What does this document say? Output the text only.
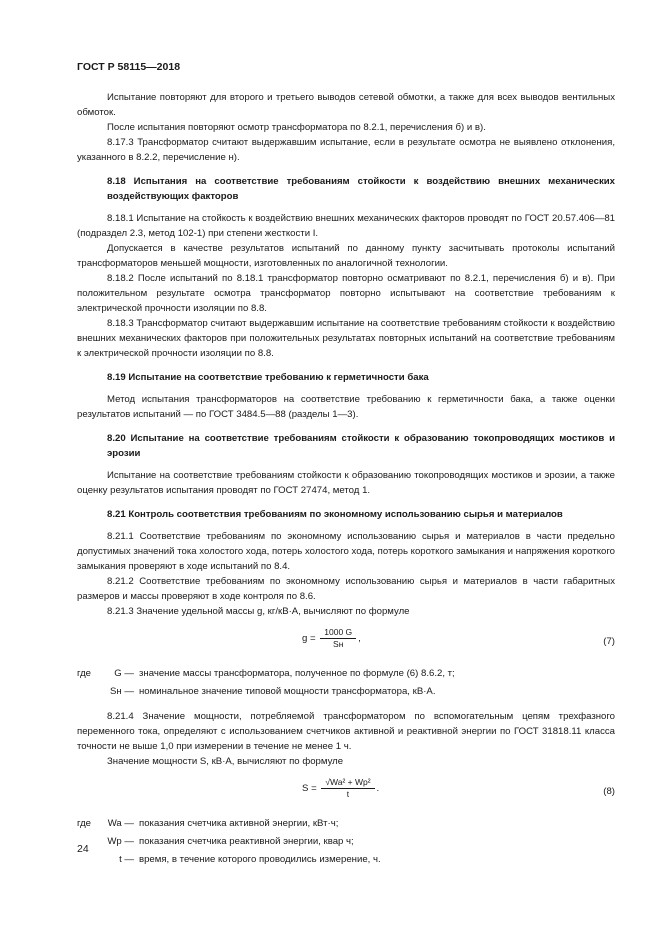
ГОСТ Р 58115—2018

Испытание повторяют для второго и третьего выводов сетевой обмотки, а также для всех выводов вентильных обмоток.

После испытания повторяют осмотр трансформатора по 8.2.1, перечисления б) и в).

8.17.3 Трансформатор считают выдержавшим испытание, если в результате осмотра не выявлено отклонения, указанного в 8.2.2, перечисление н).

8.18 Испытания на соответствие требованиям стойкости к воздействию внешних механических воздействующих факторов

8.18.1 Испытание на стойкость к воздействию внешних механических факторов проводят по ГОСТ 20.57.406—81 (подраздел 2.3, метод 102-1) при степени жесткости I.

Допускается в качестве результатов испытаний по данному пункту засчитывать протоколы испытаний трансформаторов меньшей мощности, изготовленных по аналогичной технологии.

8.18.2 После испытаний по 8.18.1 трансформатор повторно осматривают по 8.2.1, перечисления б) и в). При положительном результате осмотра трансформатор повторно испытывают на соответствие требованиям к электрической прочности изоляции по 8.8.

8.18.3 Трансформатор считают выдержавшим испытание на соответствие требованиям стойкости к воздействию внешних механических факторов при положительных результатах повторных испытаний на соответствие требованиям к электрической прочности изоляции по 8.8.

8.19 Испытание на соответствие требованию к герметичности бака

Метод испытания трансформаторов на соответствие требованию к герметичности бака, а также оценки результатов испытаний — по ГОСТ 3484.5—88 (разделы 1—3).

8.20 Испытание на соответствие требованиям стойкости к образованию токопроводящих мостиков и эрозии

Испытание на соответствие требованиям стойкости к образованию токопроводящих мостиков и эрозии, а также оценку результатов испытания проводят по ГОСТ 27474, метод 1.

8.21 Контроль соответствия требованиям по экономному использованию сырья и материалов

8.21.1 Соответствие требованиям по экономному использованию сырья и материалов в части предельно допустимых значений тока холостого хода, потерь холостого хода, потерь короткого замыкания и напряжения короткого замыкания проверяют в ходе испытаний по 8.4.

8.21.2 Соответствие требованиям по экономному использованию сырья и материалов в части габаритных размеров и массы проверяют в ходе контроля по 8.6.

8.21.3 Значение удельной массы g, кг/кВ·А, вычисляют по формуле

$g = \frac{1000 G}{Sн}$ ,	(7)
где	G — значение массы трансформатора, полученное по формуле (6) 8.6.2, т;
Sн — номинальное значение типовой мощности трансформатора, кВ·А.

8.21.4 Значение мощности, потребляемой трансформатором по вспомогательным цепям трехфазного переменного тока, определяют с использованием счетчиков активной и реактивной энергии по ГОСТ 31818.11 класса точности не выше 1,0 при измерении в течение не менее 1 ч.

Значение мощности S, кВ·А, вычисляют по формуле

$S = \frac{\text{√Wa² + Wр²}}{t}$ .	(8)
где	Wa — показания счетчика активной энергии, кВт·ч;
Wр — показания счетчика реактивной энергии, квар ч;
t — время, в течение которого проводились измерение, ч.
24
